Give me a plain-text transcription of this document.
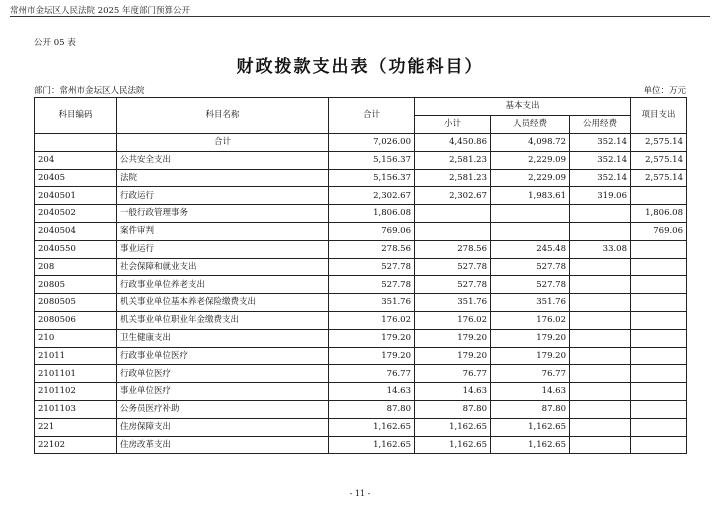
常州市金坛区人民法院 2025 年度部门预算公开
公开 05 表
财政拨款支出表（功能科目）
部门：常州市金坛区人民法院	单位：万元
科目编码	科目名称	合计	基本支出			项目支出
			小计	人员经费	公用经费	
	合计	7,026.00	4,450.86	4,098.72	352.14	2,575.14
204	公共安全支出	5,156.37	2,581.23	2,229.09	352.14	2,575.14
20405	法院	5,156.37	2,581.23	2,229.09	352.14	2,575.14
2040501	行政运行	2,302.67	2,302.67	1,983.61	319.06	
2040502	一般行政管理事务	1,806.08				1,806.08
2040504	案件审判	769.06				769.06
2040550	事业运行	278.56	278.56	245.48	33.08	
208	社会保障和就业支出	527.78	527.78	527.78		
20805	行政事业单位养老支出	527.78	527.78	527.78		
2080505	机关事业单位基本养老保险缴费支出	351.76	351.76	351.76		
2080506	机关事业单位职业年金缴费支出	176.02	176.02	176.02		
210	卫生健康支出	179.20	179.20	179.20		
21011	行政事业单位医疗	179.20	179.20	179.20		
2101101	行政单位医疗	76.77	76.77	76.77		
2101102	事业单位医疗	14.63	14.63	14.63		
2101103	公务员医疗补助	87.80	87.80	87.80		
221	住房保障支出	1,162.65	1,162.65	1,162.65		
22102	住房改革支出	1,162.65	1,162.65	1,162.65		
- 11 -
